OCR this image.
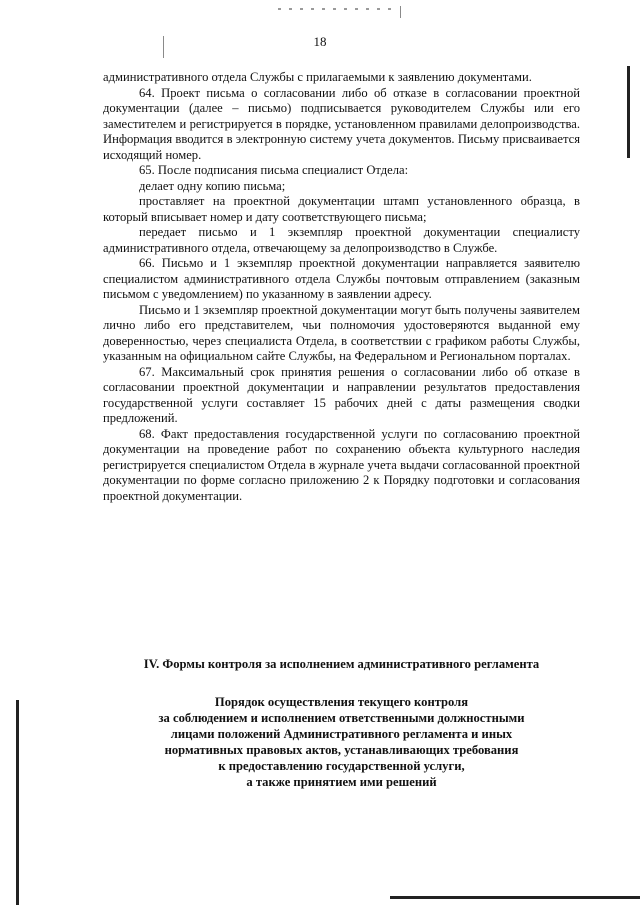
18

административного отдела Службы с прилагаемыми к заявлению документами.

64. Проект письма о согласовании либо об отказе в согласовании проектной документации (далее – письмо) подписывается руководителем Службы или его заместителем и регистрируется в порядке, установленном правилами делопроизводства. Информация вводится в электронную систему учета документов. Письму присваивается исходящий номер.

65. После подписания письма специалист Отдела:

делает одну копию письма;

проставляет на проектной документации штамп установленного образца, в который вписывает номер и дату соответствующего письма;

передает письмо и 1 экземпляр проектной документации специалисту административного отдела, отвечающему за делопроизводство в Службе.

66. Письмо и 1 экземпляр проектной документации направляется заявителю специалистом административного отдела Службы почтовым отправлением (заказным письмом с уведомлением) по указанному в заявлении адресу.

Письмо и 1 экземпляр проектной документации могут быть получены заявителем лично либо его представителем, чьи полномочия удостоверяются выданной ему доверенностью, через специалиста Отдела, в соответствии с графиком работы Службы, указанным на официальном сайте Службы, на Федеральном и Региональном порталах.

67. Максимальный срок принятия решения о согласовании либо об отказе в согласовании проектной документации и направлении результатов предоставления государственной услуги составляет 15 рабочих дней с даты размещения сводки предложений.

68. Факт предоставления государственной услуги по согласованию проектной документации на проведение работ по сохранению объекта культурного наследия регистрируется специалистом Отдела в журнале учета выдачи согласованной проектной документации по форме согласно приложению 2 к Порядку подготовки и согласования проектной документации.

IV. Формы контроля за исполнением административного регламента
Порядок осуществления текущего контроля
за соблюдением и исполнением ответственными должностными
лицами положений Административного регламента и иных
нормативных правовых актов, устанавливающих требования
к предоставлению государственной услуги,
а также принятием ими решений
